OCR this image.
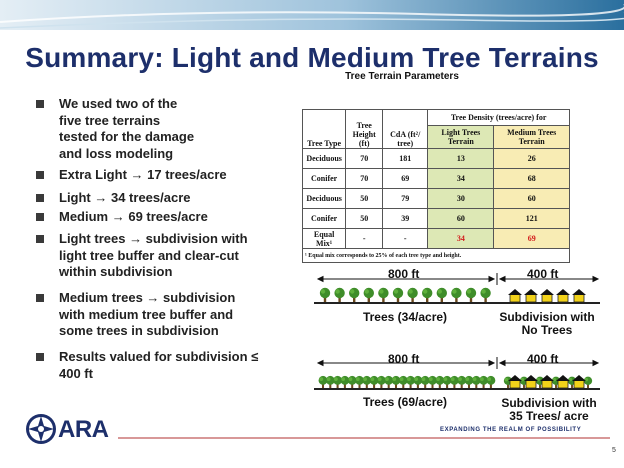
Summary: Light and Medium Tree Terrains
Tree Terrain Parameters
We used two of the five tree terrains tested for the damage and loss modeling
Extra Light → 17 trees/acre
Light → 34 trees/acre
Medium → 69 trees/acre
Light trees → subdivision with light tree buffer and clear-cut within subdivision
Medium trees → subdivision with medium tree buffer and some trees in subdivision
Results valued for subdivision ≤ 400 ft
Tree Type	Tree Height (ft)	CdA (ft²/ tree)	Tree Density (trees/acre) for	
			Light Trees Terrain	Medium Trees Terrain
Deciduous	70	181	13	26
Conifer	70	69	34	68
Deciduous	50	79	30	60
Conifer	50	39	60	121
Equal Mix¹	-	-	34	69
¹ Equal mix corresponds to 25% of each tree type and height.				
800 ft	400 ft
Trees (34/acre)	Subdivision with No Trees
800 ft	400 ft
Trees (69/acre)	Subdivision with 35 Trees/ acre
ARA	EXPANDING THE REALM OF POSSIBILITY
5
